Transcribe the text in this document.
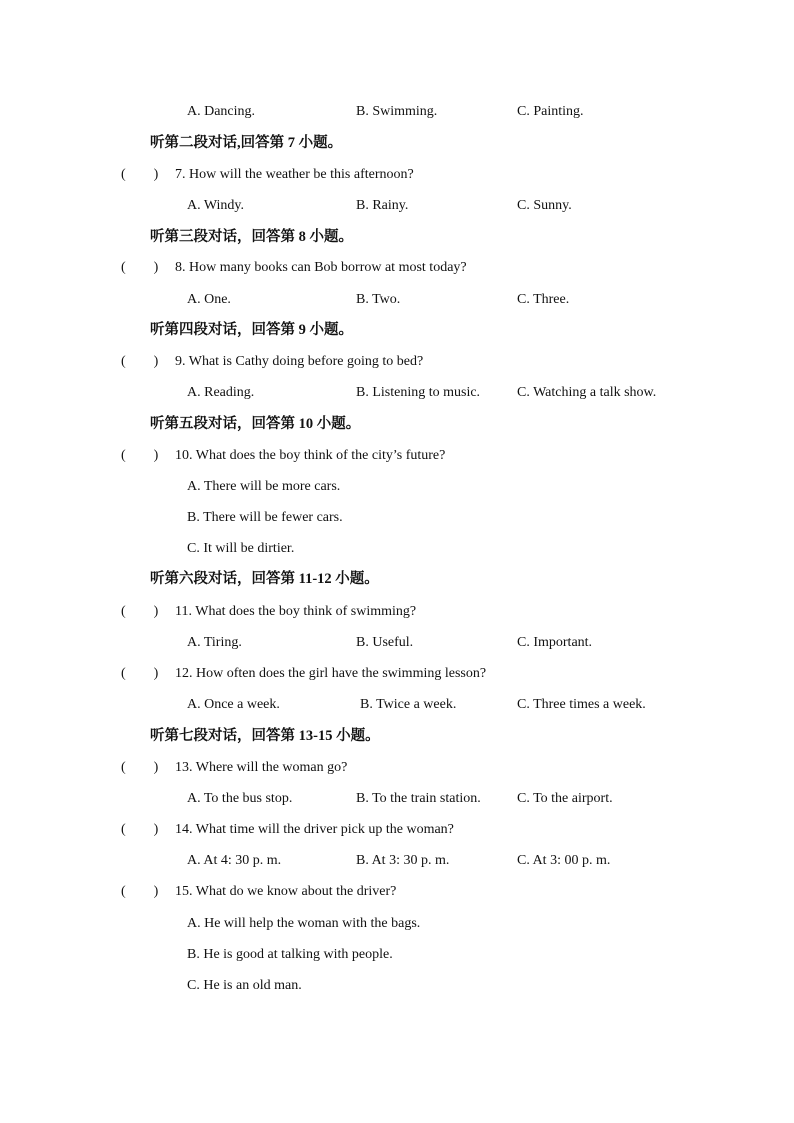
A. Dancing.	B. Swimming.	C. Painting.
听第二段对话,回答第 7 小题。
(        ) 7. How will the weather be this afternoon?
A. Windy.	B. Rainy.	C. Sunny.
听第三段对话，回答第 8 小题。
(        ) 8. How many books can Bob borrow at most today?
A. One.	B. Two.	C. Three.
听第四段对话，回答第 9 小题。
(        ) 9. What is Cathy doing before going to bed?
A. Reading.	B. Listening to music.	C. Watching a talk show.
听第五段对话，回答第 10 小题。
(        ) 10. What does the boy think of the city’s future?
A. There will be more cars.
B. There will be fewer cars.
C. It will be dirtier.
听第六段对话，回答第 11-12 小题。
(        ) 11. What does the boy think of swimming?
A. Tiring.	B. Useful.	C. Important.
(        ) 12. How often does the girl have the swimming lesson?
A. Once a week.	B. Twice a week.	C. Three times a week.
听第七段对话，回答第 13-15 小题。
(        ) 13. Where will the woman go?
A. To the bus stop.	B. To the train station.	C. To the airport.
(        ) 14. What time will the driver pick up the woman?
A. At 4: 30 p. m.	B. At 3: 30 p. m.	C. At 3: 00 p. m.
(        ) 15. What do we know about the driver?
A. He will help the woman with the bags.
B. He is good at talking with people.
C. He is an old man.
